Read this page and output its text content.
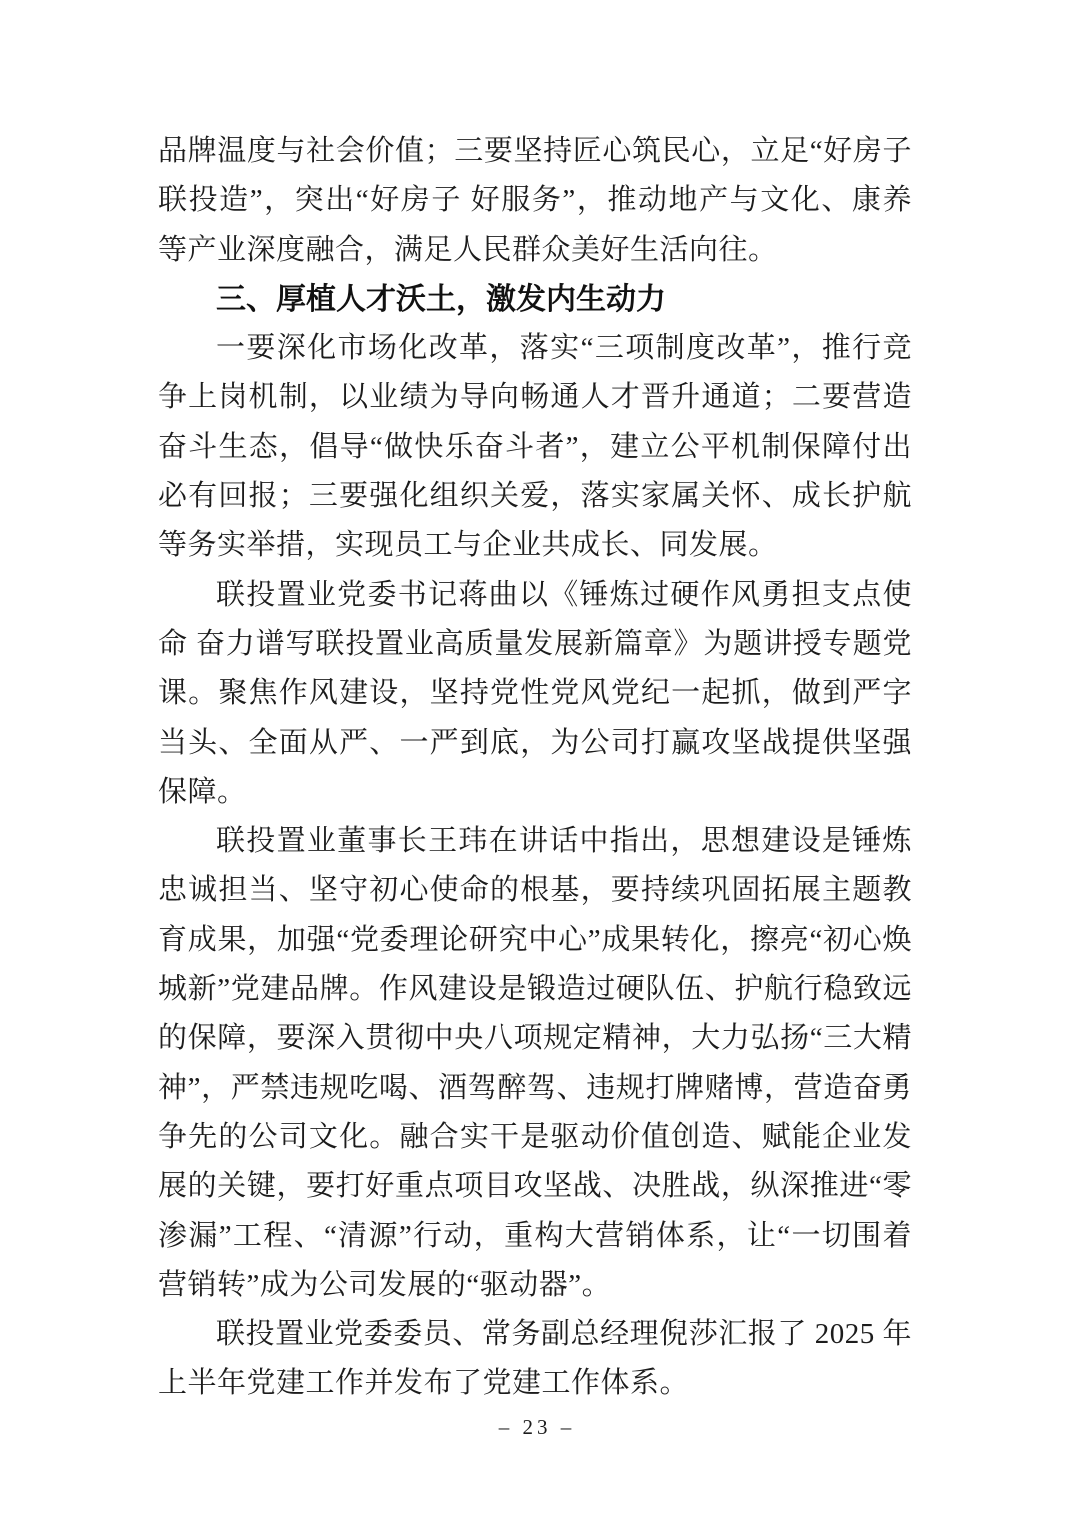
品牌温度与社会价值；三要坚持匠心筑民心，立足“好房子联投造”，突出“好房子 好服务”，推动地产与文化、康养等产业深度融合，满足人民群众美好生活向往。

三、厚植人才沃土，激发内生动力

一要深化市场化改革，落实“三项制度改革”，推行竞争上岗机制，以业绩为导向畅通人才晋升通道；二要营造奋斗生态，倡导“做快乐奋斗者”，建立公平机制保障付出必有回报；三要强化组织关爱，落实家属关怀、成长护航等务实举措，实现员工与企业共成长、同发展。

联投置业党委书记蒋曲以《锤炼过硬作风勇担支点使命 奋力谱写联投置业高质量发展新篇章》为题讲授专题党课。聚焦作风建设，坚持党性党风党纪一起抓，做到严字当头、全面从严、一严到底，为公司打赢攻坚战提供坚强保障。

联投置业董事长王玮在讲话中指出，思想建设是锤炼忠诚担当、坚守初心使命的根基，要持续巩固拓展主题教育成果，加强“党委理论研究中心”成果转化，擦亮“初心焕城新”党建品牌。作风建设是锻造过硬队伍、护航行稳致远的保障，要深入贯彻中央八项规定精神，大力弘扬“三大精神”，严禁违规吃喝、酒驾醉驾、违规打牌赌博，营造奋勇争先的公司文化。融合实干是驱动价值创造、赋能企业发展的关键，要打好重点项目攻坚战、决胜战，纵深推进“零渗漏”工程、“清源”行动，重构大营销体系，让“一切围着营销转”成为公司发展的“驱动器”。

联投置业党委委员、常务副总经理倪莎汇报了 2025 年上半年党建工作并发布了党建工作体系。

– 23 –
